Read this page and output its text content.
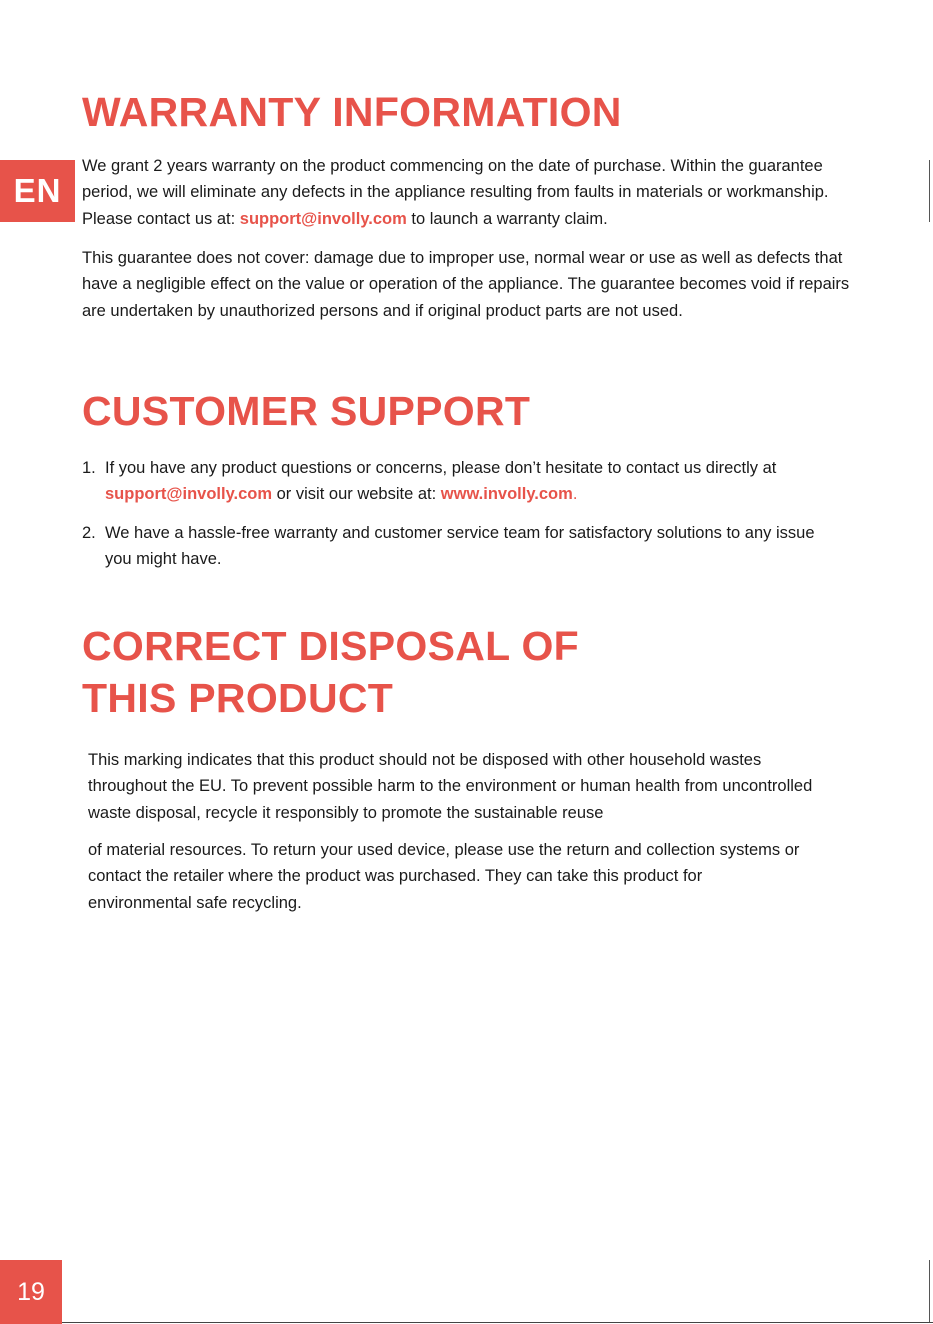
EN
WARRANTY INFORMATION

We grant 2 years warranty on the product commencing on the date of purchase. Within the guarantee period, we will eliminate any defects in the appliance resulting from faults in materials or workmanship. Please contact us at: support@involly.com to launch a warranty claim.

This guarantee does not cover: damage due to improper use, normal wear or use as well as defects that have a negligible effect on the value or operation of the appliance. The guarantee becomes void if repairs are undertaken by unauthorized persons and if original product parts are not used.

CUSTOMER SUPPORT
1. If you have any product questions or concerns, please don’t hesitate to contact us directly at support@involly.com or visit our website at: www.involly.com.
2. We have a hassle-free warranty and customer service team for satisfactory solutions to any issue you might have.
CORRECT DISPOSAL OF
THIS PRODUCT

This marking indicates that this product should not be disposed with other household wastes throughout the EU. To prevent possible harm to the environment or human health from uncontrolled waste disposal, recycle it responsibly to promote the sustainable reuse

of material resources. To return your used device, please use the return and collection systems or contact the retailer where the product was purchased. They can take this product for environmental safe recycling.

19
